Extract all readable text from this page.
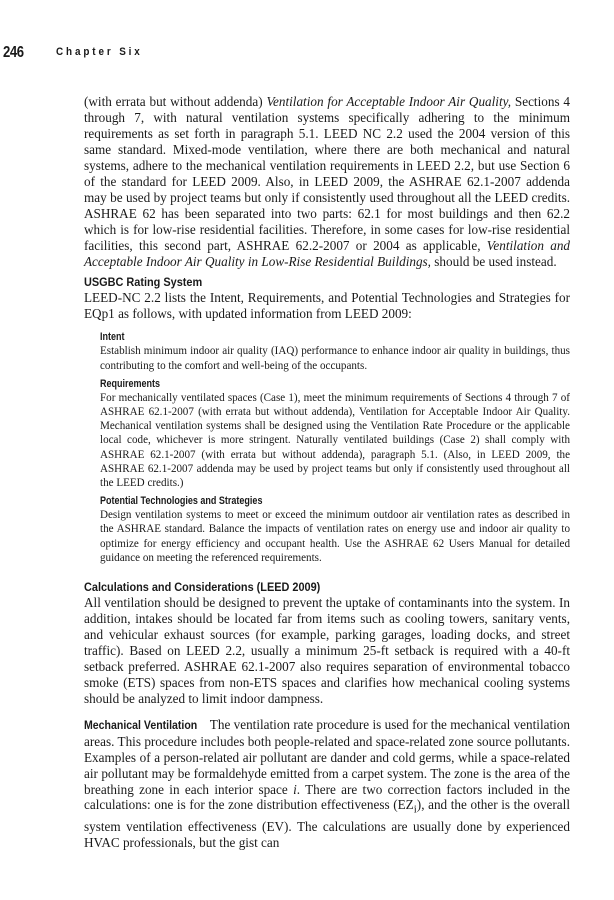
246	Chapter Six

(with errata but without addenda) Ventilation for Acceptable Indoor Air Quality, Sections 4 through 7, with natural ventilation systems specifically adhering to the minimum requirements as set forth in paragraph 5.1. LEED NC 2.2 used the 2004 version of this same standard. Mixed-mode ventilation, where there are both mechanical and natural systems, adhere to the mechanical ventilation requirements in LEED 2.2, but use Section 6 of the standard for LEED 2009. Also, in LEED 2009, the ASHRAE 62.1-2007 addenda may be used by project teams but only if consistently used throughout all the LEED credits. ASHRAE 62 has been separated into two parts: 62.1 for most buildings and then 62.2 which is for low-rise residential facilities. Therefore, in some cases for low-rise residential facilities, this second part, ASHRAE 62.2-2007 or 2004 as applicable, Ventilation and Acceptable Indoor Air Quality in Low-Rise Residential Buildings, should be used instead.

USGBC Rating System

LEED-NC 2.2 lists the Intent, Requirements, and Potential Technologies and Strategies for EQp1 as follows, with updated information from LEED 2009:

Intent

Establish minimum indoor air quality (IAQ) performance to enhance indoor air quality in buildings, thus contributing to the comfort and well-being of the occupants.

Requirements

For mechanically ventilated spaces (Case 1), meet the minimum requirements of Sections 4 through 7 of ASHRAE 62.1-2007 (with errata but without addenda), Ventilation for Acceptable Indoor Air Quality. Mechanical ventilation systems shall be designed using the Ventilation Rate Procedure or the applicable local code, whichever is more stringent. Naturally ventilated buildings (Case 2) shall comply with ASHRAE 62.1-2007 (with errata but without addenda), paragraph 5.1. (Also, in LEED 2009, the ASHRAE 62.1-2007 addenda may be used by project teams but only if consistently used throughout all the LEED credits.)

Potential Technologies and Strategies

Design ventilation systems to meet or exceed the minimum outdoor air ventilation rates as described in the ASHRAE standard. Balance the impacts of ventilation rates on energy use and indoor air quality to optimize for energy efficiency and occupant health. Use the ASHRAE 62 Users Manual for detailed guidance on meeting the referenced requirements.

Calculations and Considerations (LEED 2009)

All ventilation should be designed to prevent the uptake of contaminants into the system. In addition, intakes should be located far from items such as cooling towers, sanitary vents, and vehicular exhaust sources (for example, parking garages, loading docks, and street traffic). Based on LEED 2.2, usually a minimum 25-ft setback is required with a 40-ft setback preferred. ASHRAE 62.1-2007 also requires separation of environmental tobacco smoke (ETS) spaces from non-ETS spaces and clarifies how mechanical cooling systems should be analyzed to limit indoor dampness.

Mechanical Ventilation The ventilation rate procedure is used for the mechanical ventilation areas. This procedure includes both people-related and space-related zone source pollutants. Examples of a person-related air pollutant are dander and cold germs, while a space-related air pollutant may be formaldehyde emitted from a carpet system. The zone is the area of the breathing zone in each interior space i. There are two correction factors included in the calculations: one is for the zone distribution effectiveness $(EZ_i)$, and the other is the overall system ventilation effectiveness (EV). The calculations are usually done by experienced HVAC professionals, but the gist can
